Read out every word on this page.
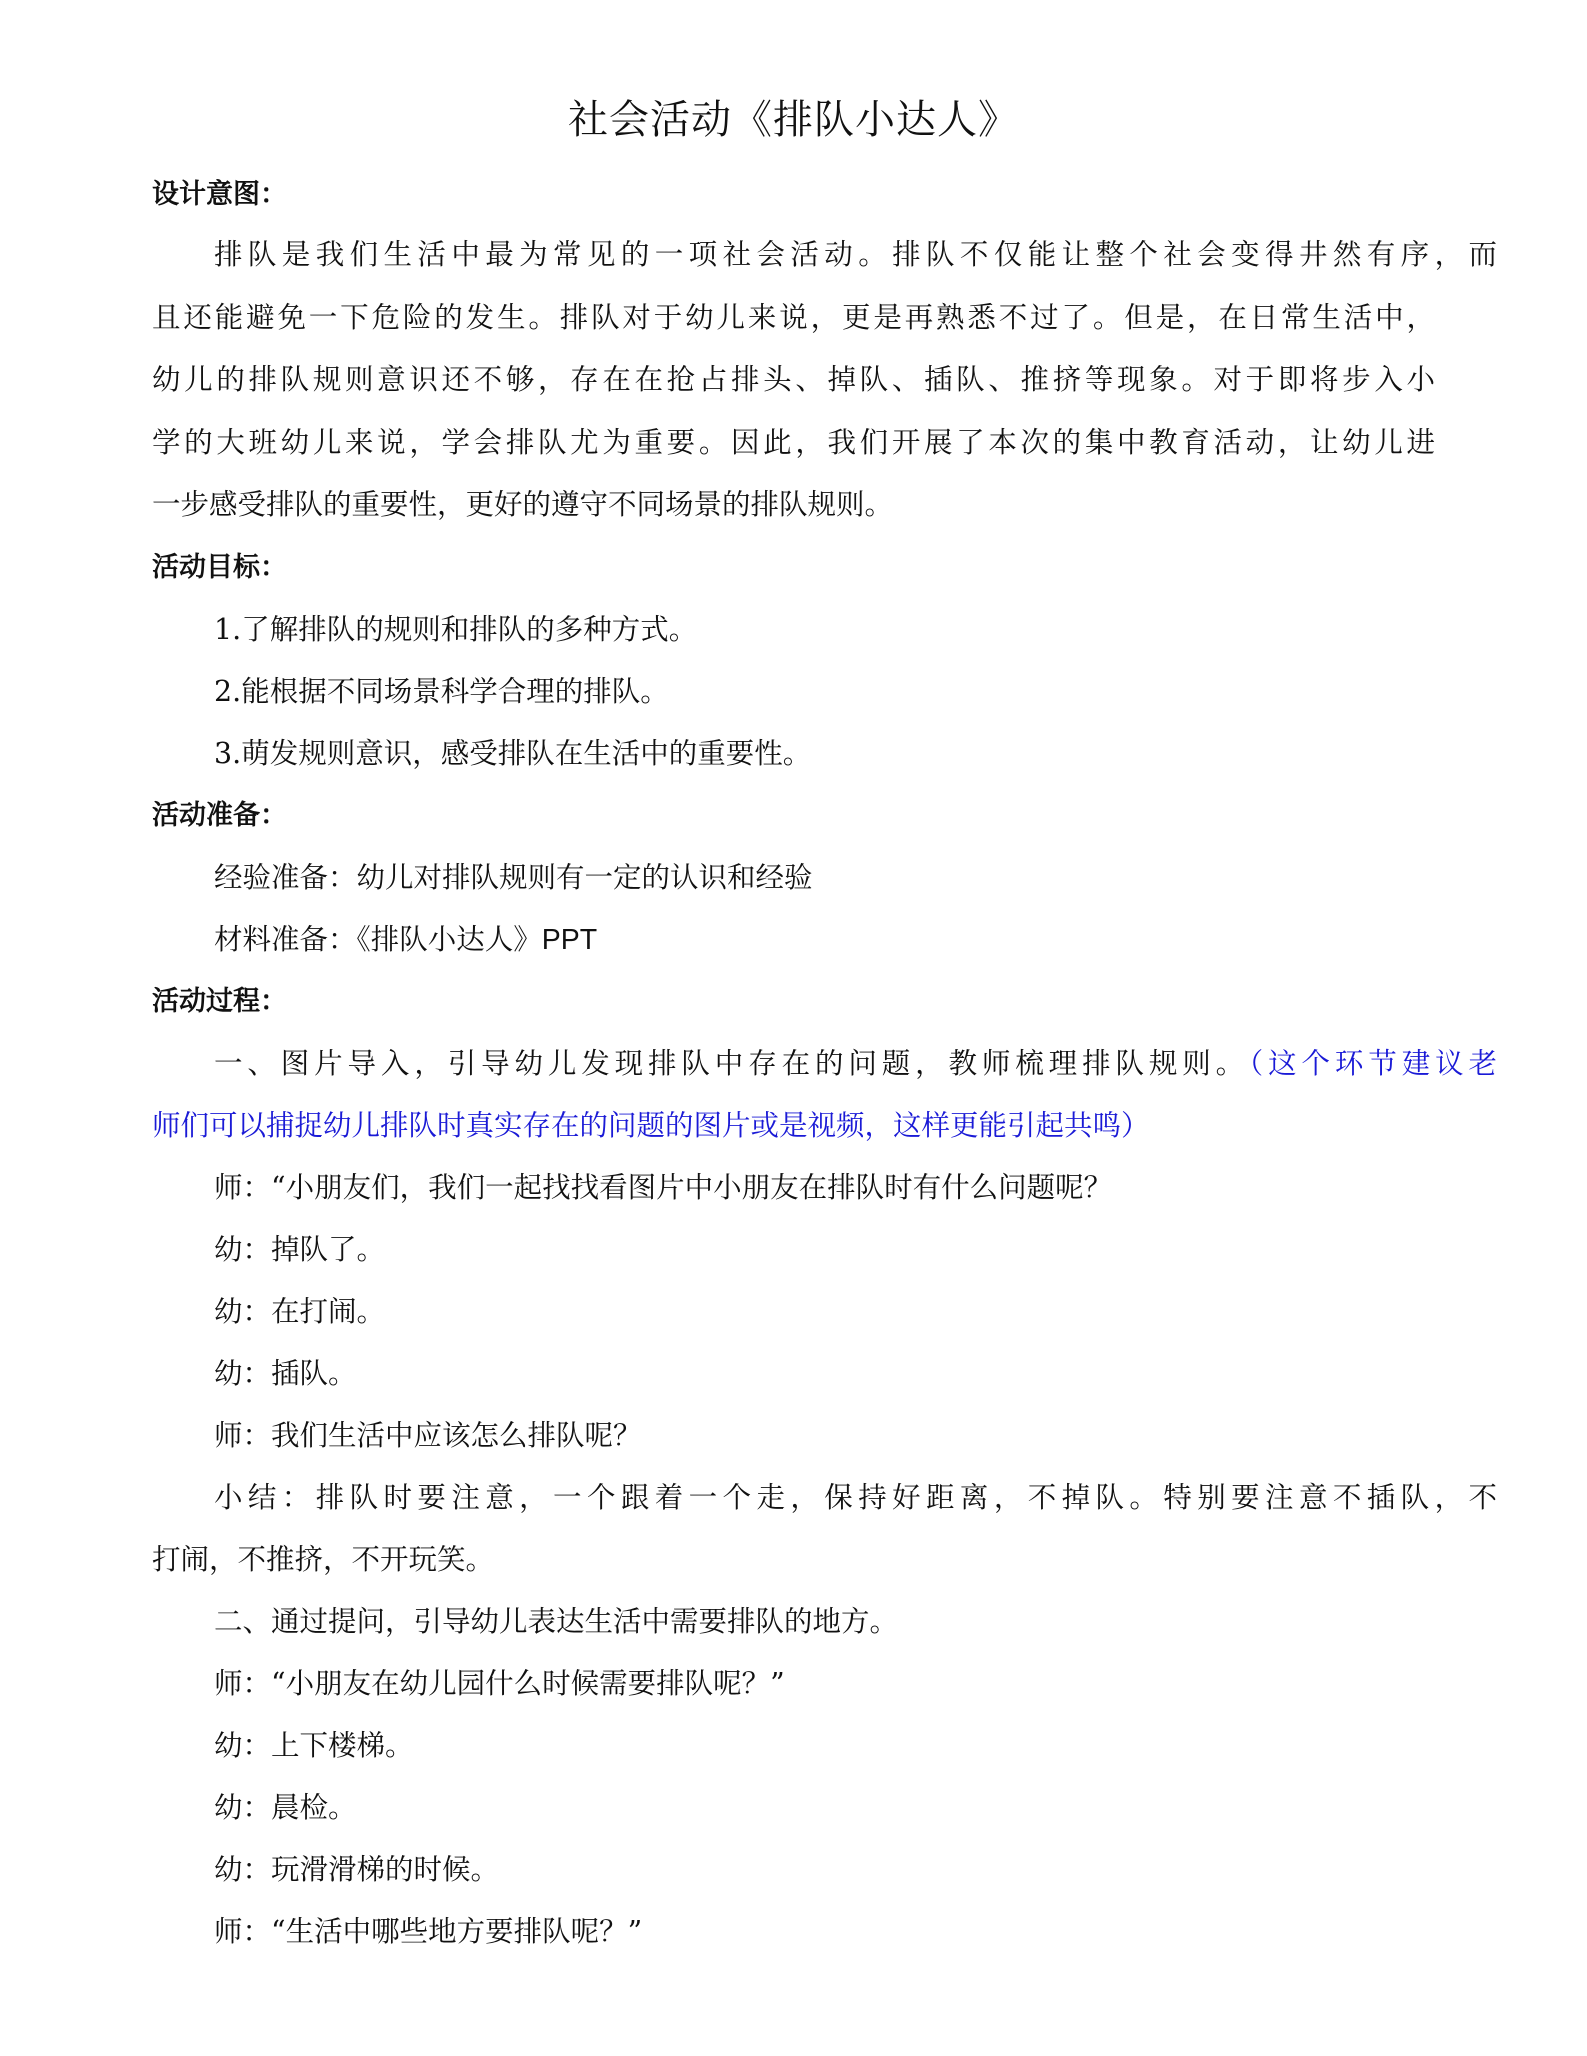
社会活动《排队小达人》
设计意图：
排队是我们生活中最为常见的一项社会活动。排队不仅能让整个社会变得井然有序，而
且还能避免一下危险的发生。排队对于幼儿来说，更是再熟悉不过了。但是，在日常生活中，
幼儿的排队规则意识还不够，存在在抢占排头、掉队、插队、推挤等现象。对于即将步入小
学的大班幼儿来说，学会排队尤为重要。因此，我们开展了本次的集中教育活动，让幼儿进
一步感受排队的重要性，更好的遵守不同场景的排队规则。
活动目标：
1.了解排队的规则和排队的多种方式。
2.能根据不同场景科学合理的排队。
3.萌发规则意识，感受排队在生活中的重要性。
活动准备：
经验准备：幼儿对排队规则有一定的认识和经验
材料准备：《排队小达人》PPT
活动过程：
一、图片导入，引导幼儿发现排队中存在的问题，教师梳理排队规则。（这个环节建议老
师们可以捕捉幼儿排队时真实存在的问题的图片或是视频，这样更能引起共鸣）
师：“小朋友们，我们一起找找看图片中小朋友在排队时有什么问题呢？
幼：掉队了。
幼：在打闹。
幼：插队。
师：我们生活中应该怎么排队呢？
小结：排队时要注意，一个跟着一个走，保持好距离，不掉队。特别要注意不插队，不
打闹，不推挤，不开玩笑。
二、通过提问，引导幼儿表达生活中需要排队的地方。
师：“小朋友在幼儿园什么时候需要排队呢？”
幼：上下楼梯。
幼：晨检。
幼：玩滑滑梯的时候。
师：“生活中哪些地方要排队呢？”
